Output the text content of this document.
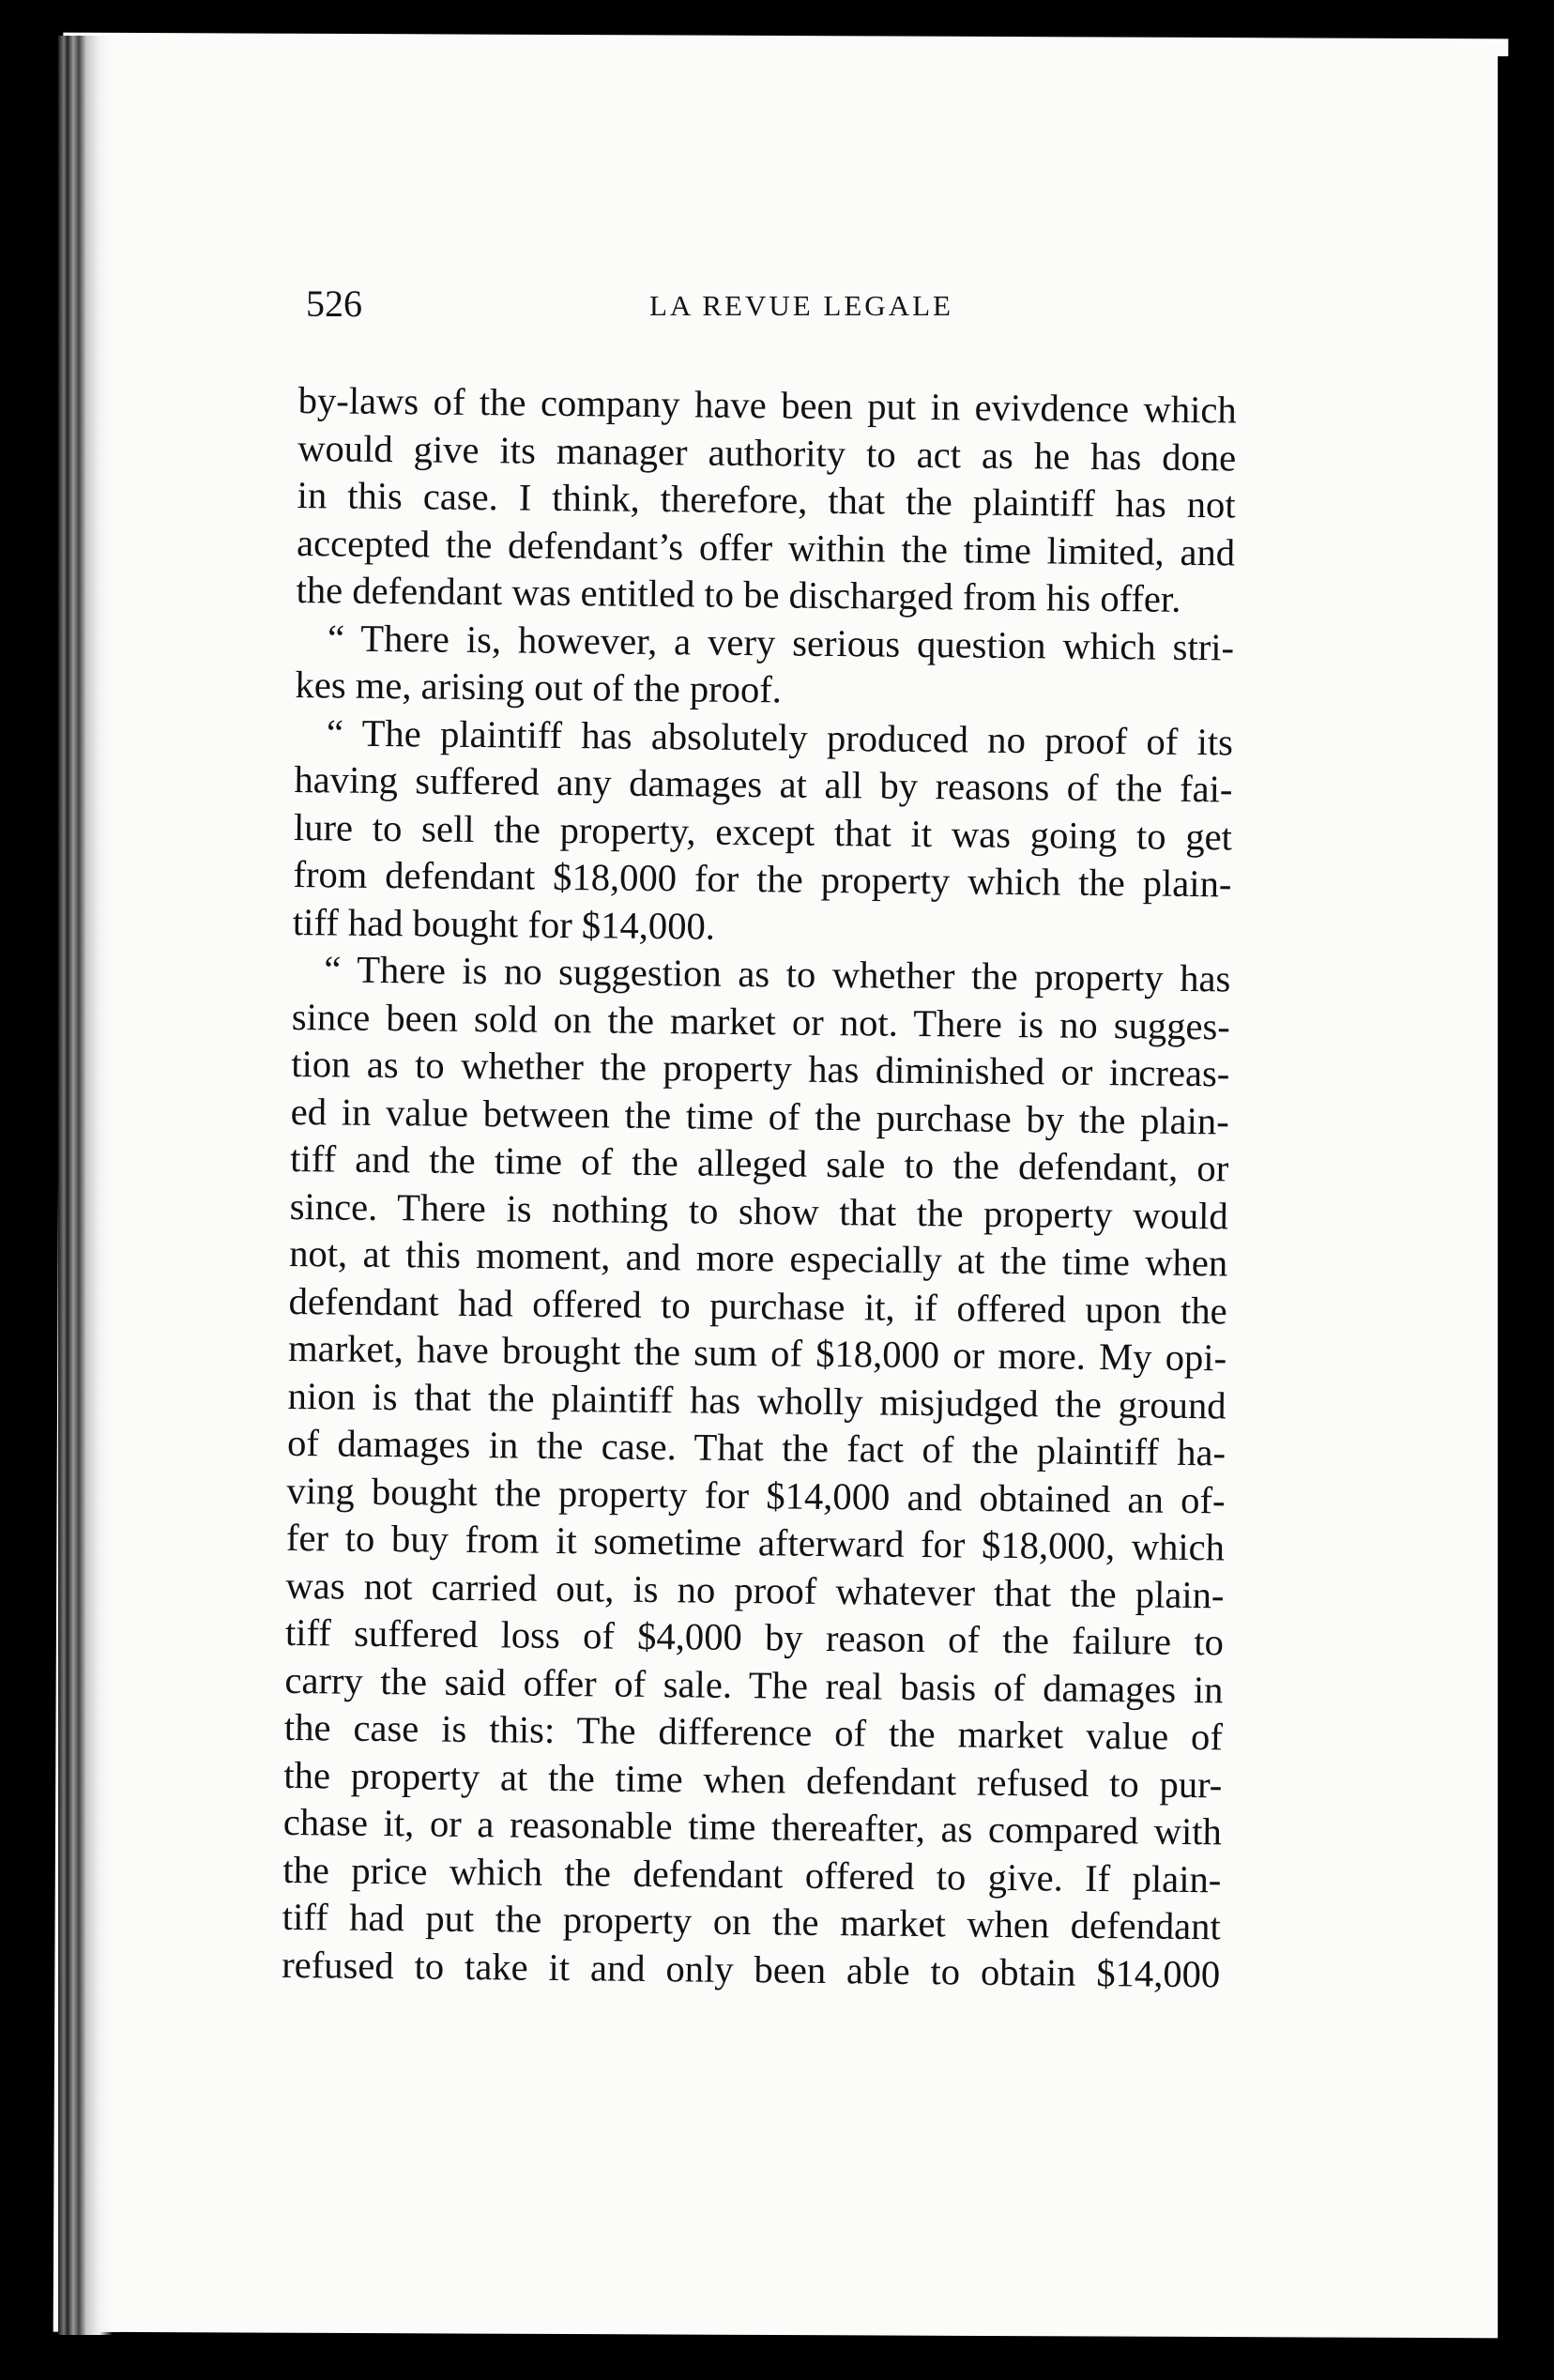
526	LA REVUE LEGALE
by-laws of the company have been put in evivdence which
would give its manager authority to act as he has done
in this case. I think, therefore, that the plaintiff has not
accepted the defendant’s offer within the time limited, and
the defendant was entitled to be discharged from his offer.
“ There is, however, a very serious question which stri-
kes me, arising out of the proof.
“ The plaintiff has absolutely produced no proof of its
having suffered any damages at all by reasons of the fai-
lure to sell the property, except that it was going to get
from defendant $18,000 for the property which the plain-
tiff had bought for $14,000.
“ There is no suggestion as to whether the property has
since been sold on the market or not. There is no sugges-
tion as to whether the property has diminished or increas-
ed in value between the time of the purchase by the plain-
tiff and the time of the alleged sale to the defendant, or
since. There is nothing to show that the property would
not, at this moment, and more especially at the time when
defendant had offered to purchase it, if offered upon the
market, have brought the sum of $18,000 or more. My opi-
nion is that the plaintiff has wholly misjudged the ground
of damages in the case. That the fact of the plaintiff ha-
ving bought the property for $14,000 and obtained an of-
fer to buy from it sometime afterward for $18,000, which
was not carried out, is no proof whatever that the plain-
tiff suffered loss of $4,000 by reason of the failure to
carry the said offer of sale. The real basis of damages in
the case is this: The difference of the market value of
the property at the time when defendant refused to pur-
chase it, or a reasonable time thereafter, as compared with
the price which the defendant offered to give. If plain-
tiff had put the property on the market when defendant
refused to take it and only been able to obtain $14,000
